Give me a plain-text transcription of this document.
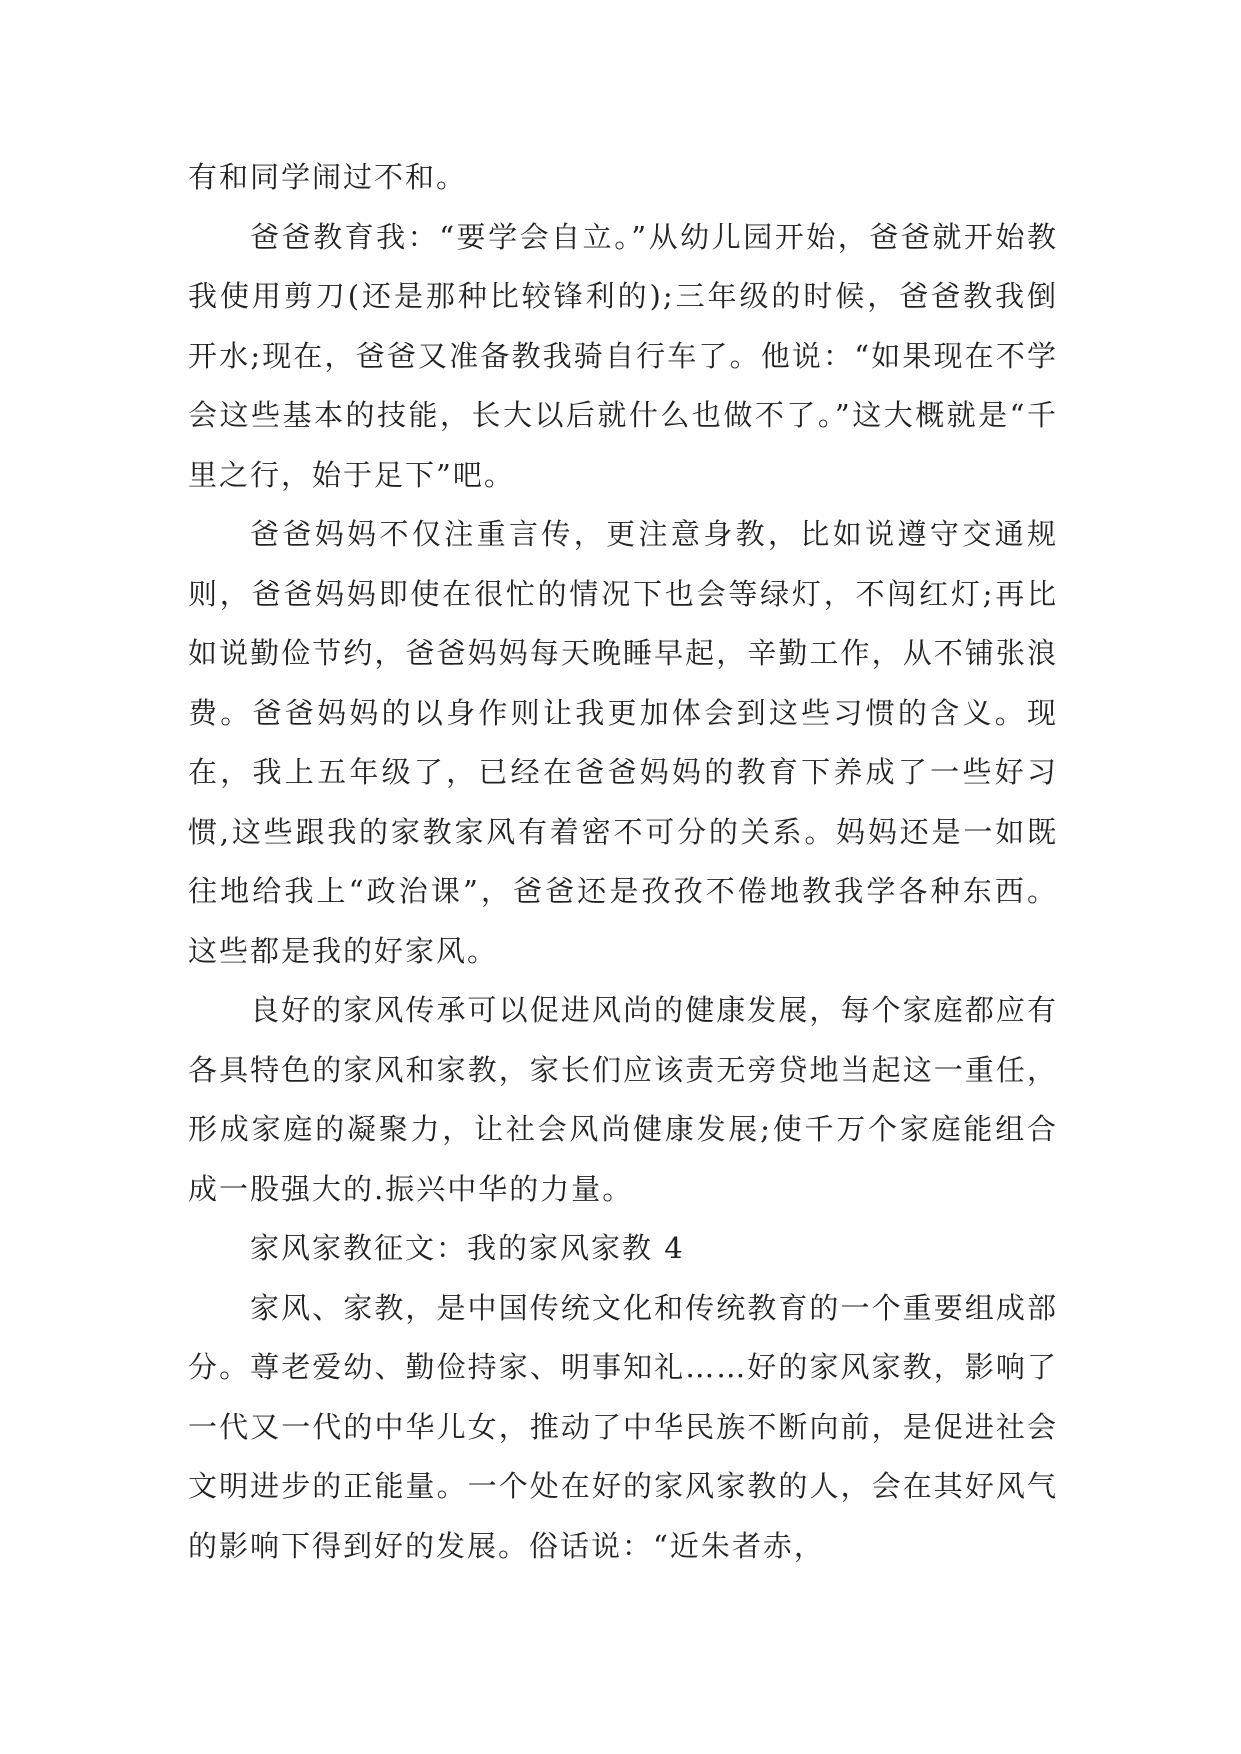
有和同学闹过不和。

爸爸教育我：“要学会自立。”从幼儿园开始，爸爸就开始教我使用剪刀(还是那种比较锋利的);三年级的时候，爸爸教我倒开水;现在，爸爸又准备教我骑自行车了。他说：“如果现在不学会这些基本的技能，长大以后就什么也做不了。”这大概就是“千里之行，始于足下”吧。

爸爸妈妈不仅注重言传，更注意身教，比如说遵守交通规则，爸爸妈妈即使在很忙的情况下也会等绿灯，不闯红灯;再比如说勤俭节约，爸爸妈妈每天晚睡早起，辛勤工作，从不铺张浪费。爸爸妈妈的以身作则让我更加体会到这些习惯的含义。现在，我上五年级了，已经在爸爸妈妈的教育下养成了一些好习惯,这些跟我的家教家风有着密不可分的关系。妈妈还是一如既往地给我上“政治课”，爸爸还是孜孜不倦地教我学各种东西。这些都是我的好家风。

良好的家风传承可以促进风尚的健康发展，每个家庭都应有各具特色的家风和家教，家长们应该责无旁贷地当起这一重任，形成家庭的凝聚力，让社会风尚健康发展;使千万个家庭能组合成一股强大的.振兴中华的力量。

家风家教征文：我的家风家教 4

家风、家教，是中国传统文化和传统教育的一个重要组成部分。尊老爱幼、勤俭持家、明事知礼……好的家风家教，影响了一代又一代的中华儿女，推动了中华民族不断向前，是促进社会文明进步的正能量。一个处在好的家风家教的人，会在其好风气的影响下得到好的发展。俗话说：“近朱者赤，
